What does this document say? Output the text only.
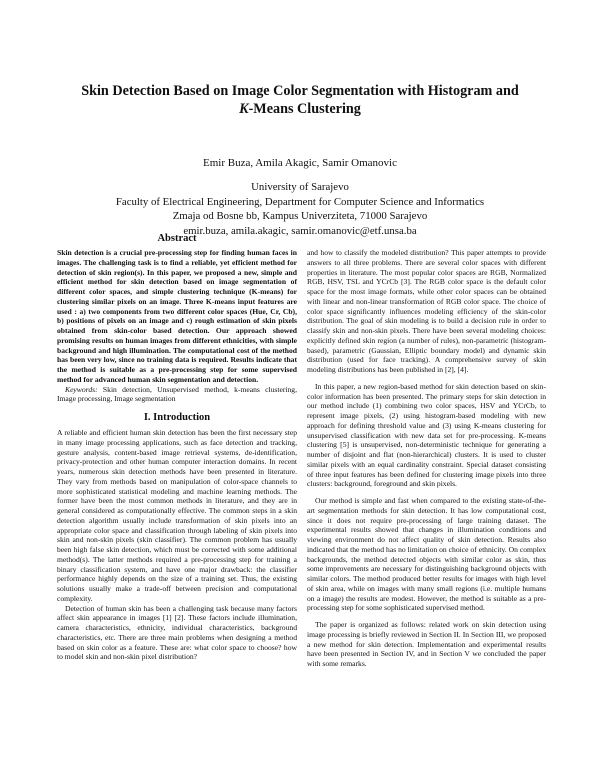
Skin Detection Based on Image Color Segmentation with Histogram and
K-Means Clustering
Emir Buza, Amila Akagic, Samir Omanovic
University of Sarajevo
Faculty of Electrical Engineering, Department for Computer Science and Informatics
Zmaja od Bosne bb, Kampus Univerziteta, 71000 Sarajevo
emir.buza, amila.akagic, samir.omanovic@etf.unsa.ba
Abstract
Skin detection is a crucial pre-processing step for finding human faces in images. The challenging task is to find a reliable, yet efficient method for detection of skin region(s). In this paper, we proposed a new, simple and efficient method for skin detection based on image segmentation of different color spaces, and simple clustering technique (K-means) for clustering similar pixels on an image. Three K-means input features are used : a) two components from two different color spaces (Hue, Cr, Cb), b) positions of pixels on an image and c) rough estimation of skin pixels obtained from skin-color based detection. Our approach showed promising results on human images from different ethnicities, with simple background and high illumination. The computational cost of the method has been very low, since no training data is required. Results indicate that the method is suitable as a pre-processing step for some supervised method for advanced human skin segmentation and detection.
Keywords: Skin detection, Unsupervised method, k-means clustering, Image processing, Image segmentation
I. Introduction

A reliable and efficient human skin detection has been the first necessary step in many image processing applications, such as face detection and tracking, gesture analysis, content-based image retrieval systems, de-identification, privacy-protection and other human computer interaction domains. In recent years, numerous skin detection methods have been presented in literature. They vary from methods based on manipulation of color-space channels to more sophisticated statistical modeling and machine learning methods. The former have been the most common methods in literature, and they are in general considered as computationally effective. The common steps in a skin detection algorithm usually include transformation of skin pixels into an appropriate color space and classification through labeling of skin pixels into skin and non-skin pixels (skin classifier). The common problem has usually been high false skin detection, which must be corrected with some additional method(s). The latter methods required a pre-processing step for training a binary classification system, and have one major drawback: the classifier performance highly depends on the size of a training set. Thus, the existing solutions usually make a trade-off between precision and computational complexity.

Detection of human skin has been a challenging task because many factors affect skin appearance in images [1] [2]. These factors include illumination, camera characteristics, ethnicity, individual characteristics, background characteristics, etc. There are three main problems when designing a method based on skin color as a feature. These are: what color space to choose? how to model skin and non-skin pixel distribution?

and how to classify the modeled distribution? This paper attempts to provide answers to all three problems. There are several color spaces with different properties in literature. The most popular color spaces are RGB, Normalized RGB, HSV, TSL and YCrCb [3]. The RGB color space is the default color space for the most image formats, while other color spaces can be obtained with linear and non-linear transformation of RGB color space. The choice of color space significantly influences modeling efficiency of the skin-color distribution. The goal of skin modeling is to build a decision rule in order to classify skin and non-skin pixels. There have been several modeling choices: explicitly defined skin region (a number of rules), non-parametric (histogram-based), parametric (Gaussian, Elliptic boundary model) and dynamic skin distribution (used for face tracking). A comprehensive survey of skin modeling distributions has been published in [2], [4].

In this paper, a new region-based method for skin detection based on skin-color information has been presented. The primary steps for skin detection in our method include (1) combining two color spaces, HSV and YCrCb, to represent image pixels, (2) using histogram-based modeling with new approach for defining threshold value and (3) using K-means clustering for unsupervised classification with new data set for pre-processing. K-means clustering [5] is unsupervised, non-deterministic technique for generating a number of disjoint and flat (non-hierarchical) clusters. It is used to cluster similar pixels with an equal cardinality constraint. Special dataset consisting of three input features has been defined for clustering image pixels into three clusters: background, foreground and skin pixels.

Our method is simple and fast when compared to the existing state-of-the-art segmentation methods for skin detection. It has low computational cost, since it does not require pre-processing of large training dataset. The experimental results showed that changes in illumination conditions and viewing environment do not affect quality of skin detection. Results also indicated that the method has no limitation on choice of ethnicity. On complex backgrounds, the method detected objects with similar color as skin, thus some improvements are necessary for distinguishing background objects with similar colors. The method produced better results for images with high level of skin area, while on images with many small regions (i.e. multiple humans on a image) the results are modest. However, the method is suitable as a pre-processing step for some sophisticated supervised method.

The paper is organized as follows: related work on skin detection using image processing is briefly reviewed in Section II. In Section III, we proposed a new method for skin detection. Implementation and experimental results have been presented in Section IV, and in Section V we concluded the paper with some remarks.
